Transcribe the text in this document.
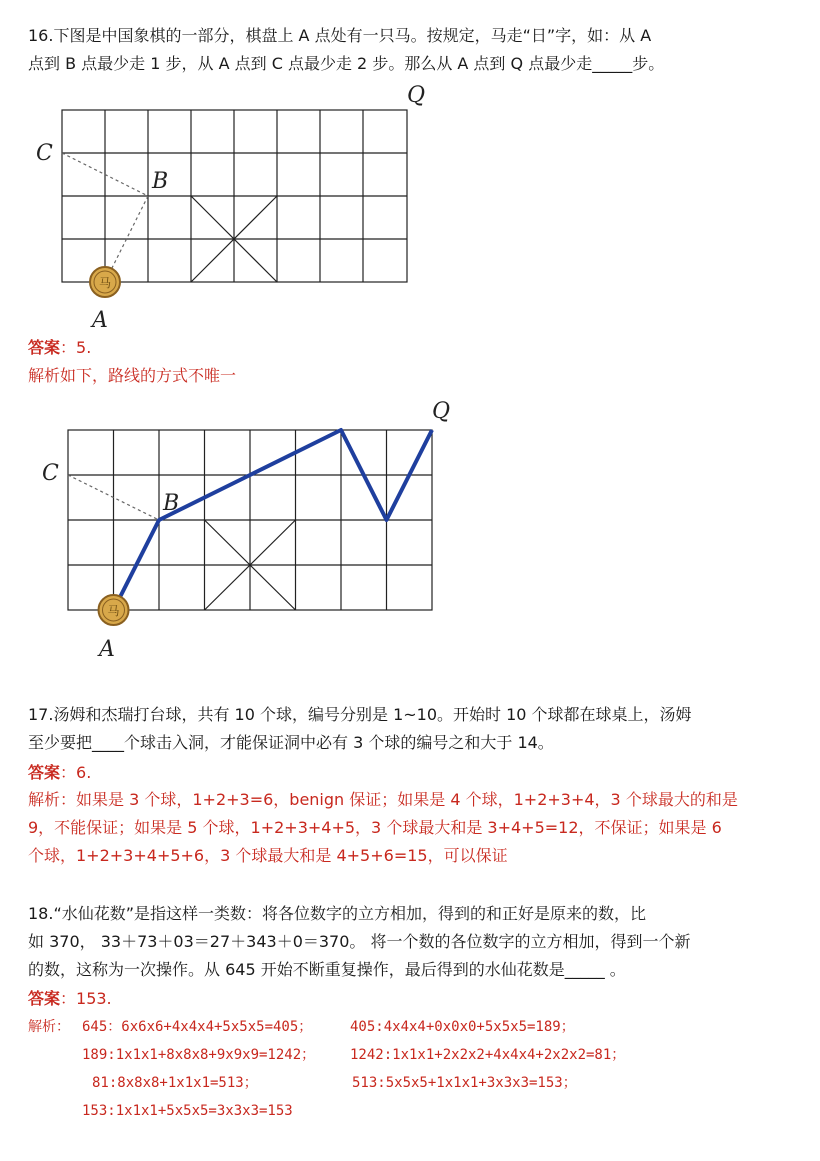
16.下图是中国象棋的一部分，棋盘上 A 点处有一只马。按规定，马走“日”字，如：从 A
点到 B 点最少走 1 步，从 A 点到 C 点最少走 2 步。那么从 A 点到 Q 点最少走_____步。
马
C
B
A
Q
答案：5.
解析如下，路线的方式不唯一
马
C
B
A
Q
17.汤姆和杰瑞打台球，共有 10 个球，编号分别是 1~10。开始时 10 个球都在球桌上，汤姆
至少要把____个球击入洞，才能保证洞中必有 3 个球的编号之和大于 14。
答案：6.
解析：如果是 3 个球，1+2+3=6，benign 保证；如果是 4 个球，1+2+3+4，3 个球最大的和是
9，不能保证；如果是 5 个球，1+2+3+4+5，3 个球最大和是 3+4+5=12，不保证；如果是 6
个球，1+2+3+4+5+6，3 个球最大和是 4+5+6=15，可以保证
18.“水仙花数”是指这样一类数：将各位数字的立方相加，得到的和正好是原来的数，比
如 370， 33＋73＋03＝27＋343＋0＝370。 将一个数的各位数字的立方相加，得到一个新
的数，这称为一次操作。从 645 开始不断重复操作，最后得到的水仙花数是_____ 。
答案：153.
解析： 645：6x6x6+4x4x4+5x5x5=405；	405:4x4x4+0x0x0+5x5x5=189；
189:1x1x1+8x8x8+9x9x9=1242； 1242:1x1x1+2x2x2+4x4x4+2x2x2=81；
81:8x8x8+1x1x1=513；	513:5x5x5+1x1x1+3x3x3=153；
153:1x1x1+5x5x5=3x3x3=153
